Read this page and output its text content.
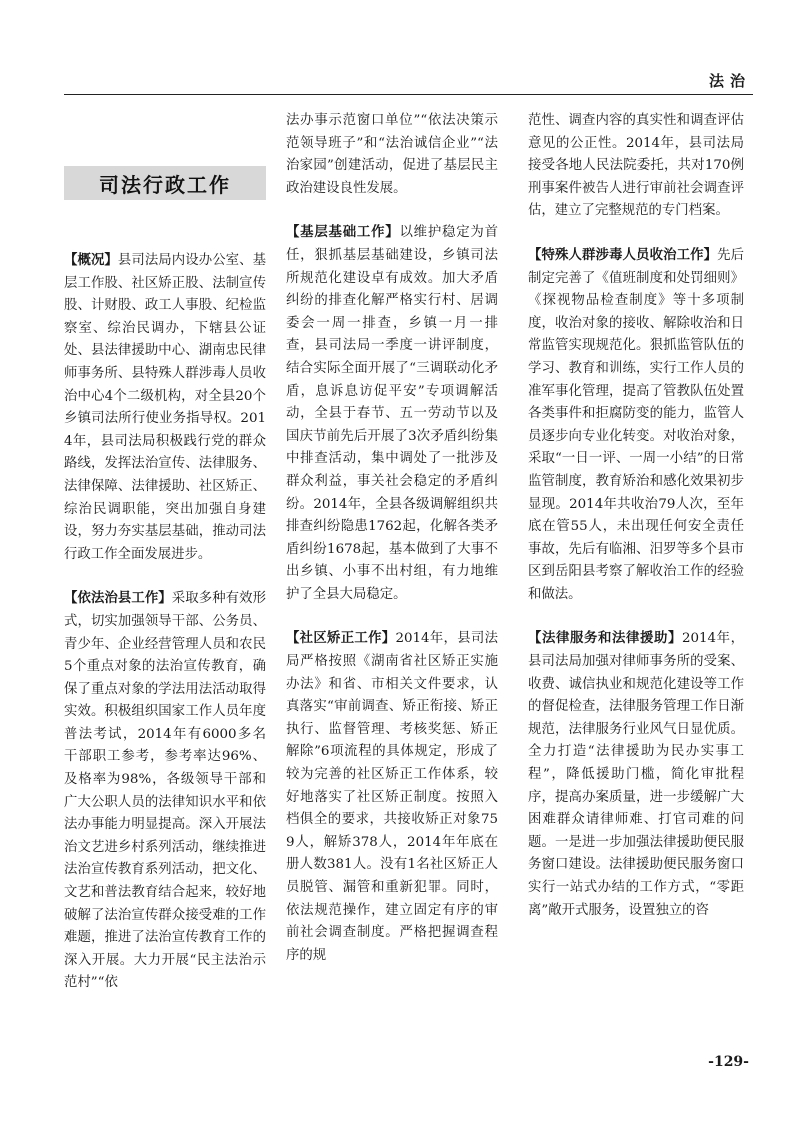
法治
司法行政工作

【概况】县司法局内设办公室、基层工作股、社区矫正股、法制宣传股、计财股、政工人事股、纪检监察室、综治民调办，下辖县公证处、县法律援助中心、湖南忠民律师事务所、县特殊人群涉毒人员收治中心4个二级机构，对全县20个乡镇司法所行使业务指导权。2014年，县司法局积极践行党的群众路线，发挥法治宣传、法律服务、法律保障、法律援助、社区矫正、综治民调职能，突出加强自身建设，努力夯实基层基础，推动司法行政工作全面发展进步。

【依法治县工作】采取多种有效形式，切实加强领导干部、公务员、青少年、企业经营管理人员和农民5个重点对象的法治宣传教育，确保了重点对象的学法用法活动取得实效。积极组织国家工作人员年度普法考试，2014年有6000多名干部职工参考，参考率达96%、及格率为98%，各级领导干部和广大公职人员的法律知识水平和依法办事能力明显提高。深入开展法治文艺进乡村系列活动，继续推进法治宣传教育系列活动，把文化、文艺和普法教育结合起来，较好地破解了法治宣传群众接受难的工作难题，推进了法治宣传教育工作的深入开展。大力开展“民主法治示范村”“依

法办事示范窗口单位”“依法决策示范领导班子”和“法治诚信企业”“法治家园”创建活动，促进了基层民主政治建设良性发展。

【基层基础工作】以维护稳定为首任，狠抓基层基础建设，乡镇司法所规范化建设卓有成效。加大矛盾纠纷的排查化解严格实行村、居调委会一周一排查，乡镇一月一排查，县司法局一季度一讲评制度，结合实际全面开展了“三调联动化矛盾，息诉息访促平安”专项调解活动，全县于春节、五一劳动节以及国庆节前先后开展了3次矛盾纠纷集中排查活动，集中调处了一批涉及群众利益，事关社会稳定的矛盾纠纷。2014年，全县各级调解组织共排查纠纷隐患1762起，化解各类矛盾纠纷1678起，基本做到了大事不出乡镇、小事不出村组，有力地维护了全县大局稳定。

【社区矫正工作】2014年，县司法局严格按照《湖南省社区矫正实施办法》和省、市相关文件要求，认真落实“审前调查、矫正衔接、矫正执行、监督管理、考核奖惩、矫正解除”6项流程的具体规定，形成了较为完善的社区矫正工作体系，较好地落实了社区矫正制度。按照入档俱全的要求，共接收矫正对象759人，解矫378人，2014年年底在册人数381人。没有1名社区矫正人员脱管、漏管和重新犯罪。同时，依法规范操作，建立固定有序的审前社会调查制度。严格把握调查程序的规

范性、调查内容的真实性和调查评估意见的公正性。2014年，县司法局接受各地人民法院委托，共对170例刑事案件被告人进行审前社会调查评估，建立了完整规范的专门档案。

【特殊人群涉毒人员收治工作】先后制定完善了《值班制度和处罚细则》《探视物品检查制度》等十多项制度，收治对象的接收、解除收治和日常监管实现规范化。狠抓监管队伍的学习、教育和训练，实行工作人员的准军事化管理，提高了管教队伍处置各类事件和拒腐防变的能力，监管人员逐步向专业化转变。对收治对象，采取“一日一评、一周一小结”的日常监管制度，教育矫治和感化效果初步显现。2014年共收治79人次，至年底在管55人，未出现任何安全责任事故，先后有临湘、汨罗等多个县市区到岳阳县考察了解收治工作的经验和做法。

【法律服务和法律援助】2014年，县司法局加强对律师事务所的受案、收费、诚信执业和规范化建设等工作的督促检查，法律服务管理工作日渐规范，法律服务行业风气日显优质。全力打造“法律援助为民办实事工程”，降低援助门槛，简化审批程序，提高办案质量，进一步缓解广大困难群众请律师难、打官司难的问题。一是进一步加强法律援助便民服务窗口建设。法律援助便民服务窗口实行一站式办结的工作方式，“零距离”敞开式服务，设置独立的咨

-129-
